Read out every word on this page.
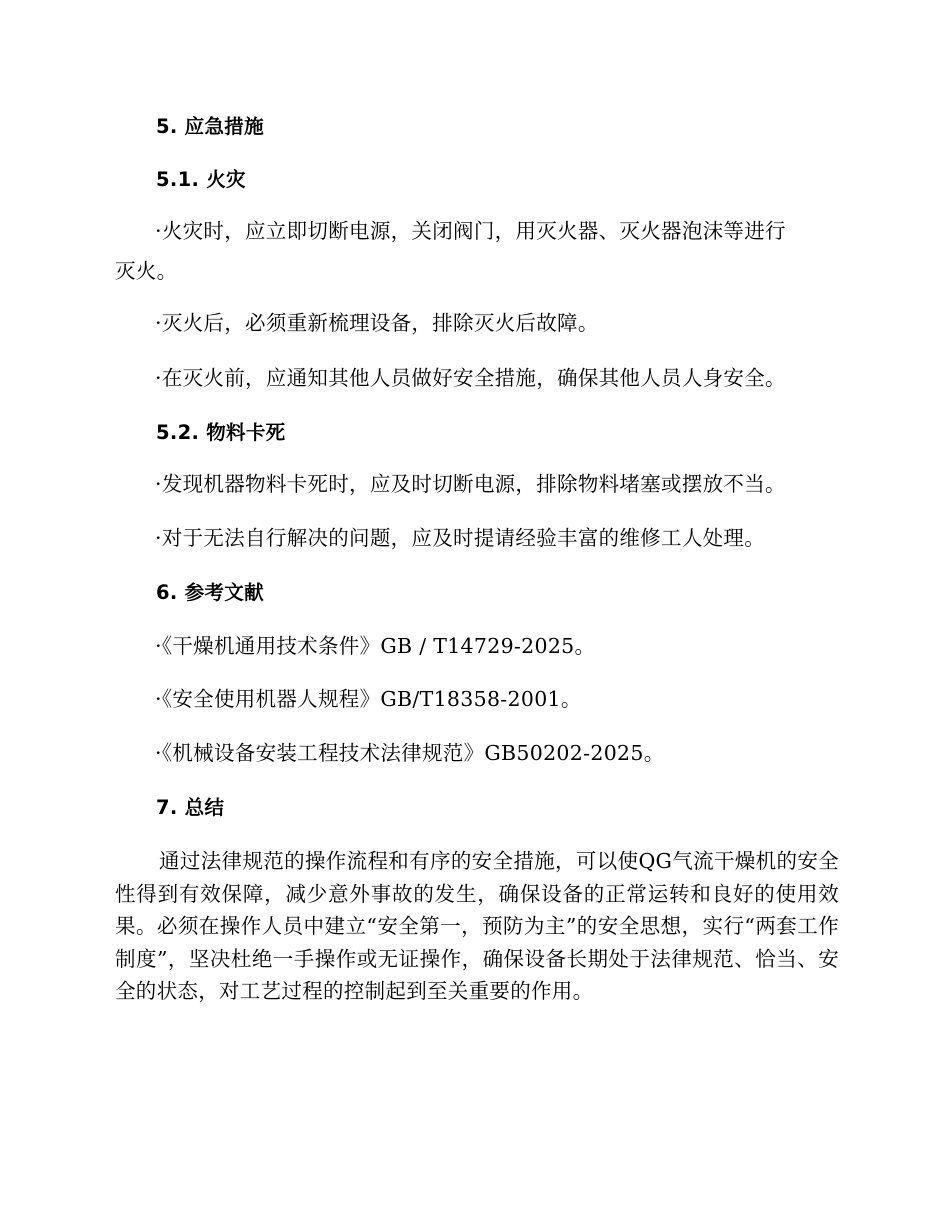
5. 应急措施
5.1. 火灾
·火灾时，应立即切断电源，关闭阀门，用灭火器、灭火器泡沫等进行
灭火。
·灭火后，必须重新梳理设备，排除灭火后故障。
·在灭火前，应通知其他人员做好安全措施，确保其他人员人身安全。
5.2. 物料卡死
·发现机器物料卡死时，应及时切断电源，排除物料堵塞或摆放不当。
·对于无法自行解决的问题，应及时提请经验丰富的维修工人处理。
6. 参考文献
·《干燥机通用技术条件》GB / T14729-2025。
·《安全使用机器人规程》GB/T18358-2001。
·《机械设备安装工程技术法律规范》GB50202-2025。
7. 总结
通过法律规范的操作流程和有序的安全措施，可以使QG气流干燥机的安全性得到有效保障，减少意外事故的发生，确保设备的正常运转和良好的使用效果。必须在操作人员中建立“安全第一，预防为主”的安全思想，实行“两套工作制度”，坚决杜绝一手操作或无证操作，确保设备长期处于法律规范、恰当、安全的状态，对工艺过程的控制起到至关重要的作用。
